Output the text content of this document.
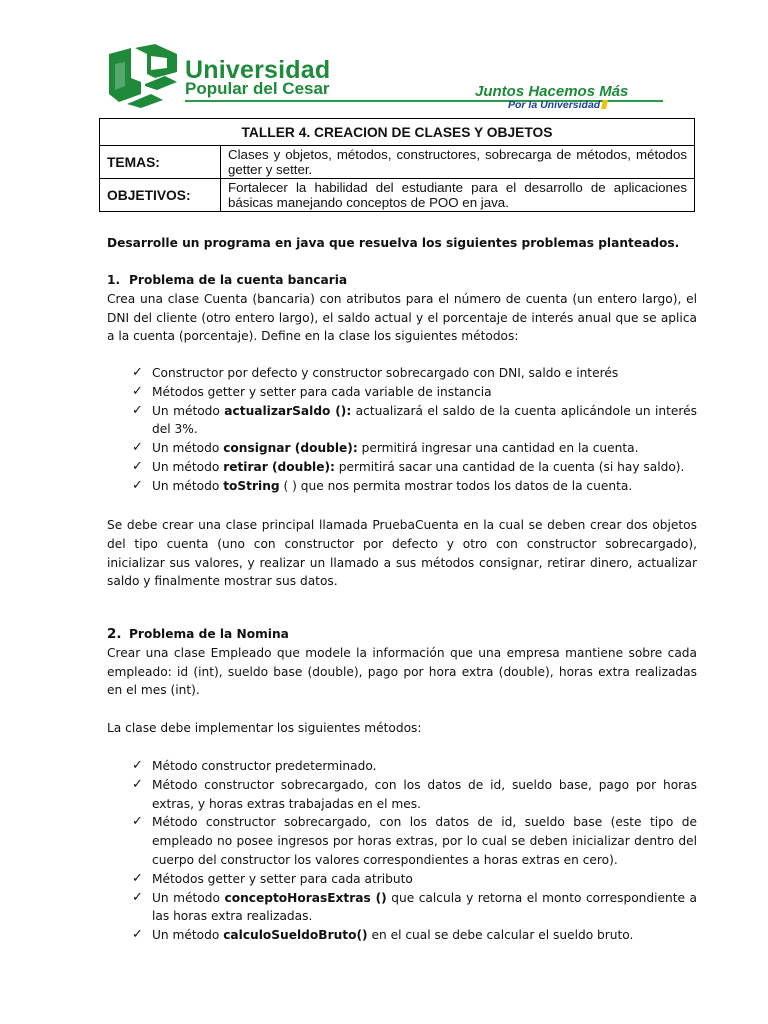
Universidad
Popular del Cesar	Juntos Hacemos Más
Por la Universidad
TALLER 4. CREACION DE CLASES Y OBJETOS	
TEMAS:	Clases y objetos, métodos, constructores, sobrecarga de métodos, métodos getter y setter.
OBJETIVOS:	Fortalecer la habilidad del estudiante para el desarrollo de aplicaciones básicas manejando conceptos de POO en java.

Desarrolle un programa en java que resuelva los siguientes problemas planteados.

1. Problema de la cuenta bancaria

Crea una clase Cuenta (bancaria) con atributos para el número de cuenta (un entero largo), el DNI del cliente (otro entero largo), el saldo actual y el porcentaje de interés anual que se aplica a la cuenta (porcentaje). Define en la clase los siguientes métodos:

✓ Constructor por defecto y constructor sobrecargado con DNI, saldo e interés
✓ Métodos getter y setter para cada variable de instancia
✓ Un método actualizarSaldo (): actualizará el saldo de la cuenta aplicándole un interés del 3%.
✓ Un método consignar (double): permitirá ingresar una cantidad en la cuenta.
✓ Un método retirar (double): permitirá sacar una cantidad de la cuenta (si hay saldo).
✓ Un método toString ( ) que nos permita mostrar todos los datos de la cuenta.

Se debe crear una clase principal llamada PruebaCuenta en la cual se deben crear dos objetos del tipo cuenta (uno con constructor por defecto y otro con constructor sobrecargado), inicializar sus valores, y realizar un llamado a sus métodos consignar, retirar dinero, actualizar saldo y finalmente mostrar sus datos.

2. Problema de la Nomina

Crear una clase Empleado que modele la información que una empresa mantiene sobre cada empleado: id (int), sueldo base (double), pago por hora extra (double), horas extra realizadas en el mes (int).

La clase debe implementar los siguientes métodos:

✓ Método constructor predeterminado.
✓ Método constructor sobrecargado, con los datos de id, sueldo base, pago por horas extras, y horas extras trabajadas en el mes.
✓ Método constructor sobrecargado, con los datos de id, sueldo base (este tipo de empleado no posee ingresos por horas extras, por lo cual se deben inicializar dentro del cuerpo del constructor los valores correspondientes a horas extras en cero).
✓ Métodos getter y setter para cada atributo
✓ Un método conceptoHorasExtras () que calcula y retorna el monto correspondiente a las horas extra realizadas.
✓ Un método calculoSueldoBruto() en el cual se debe calcular el sueldo bruto.
